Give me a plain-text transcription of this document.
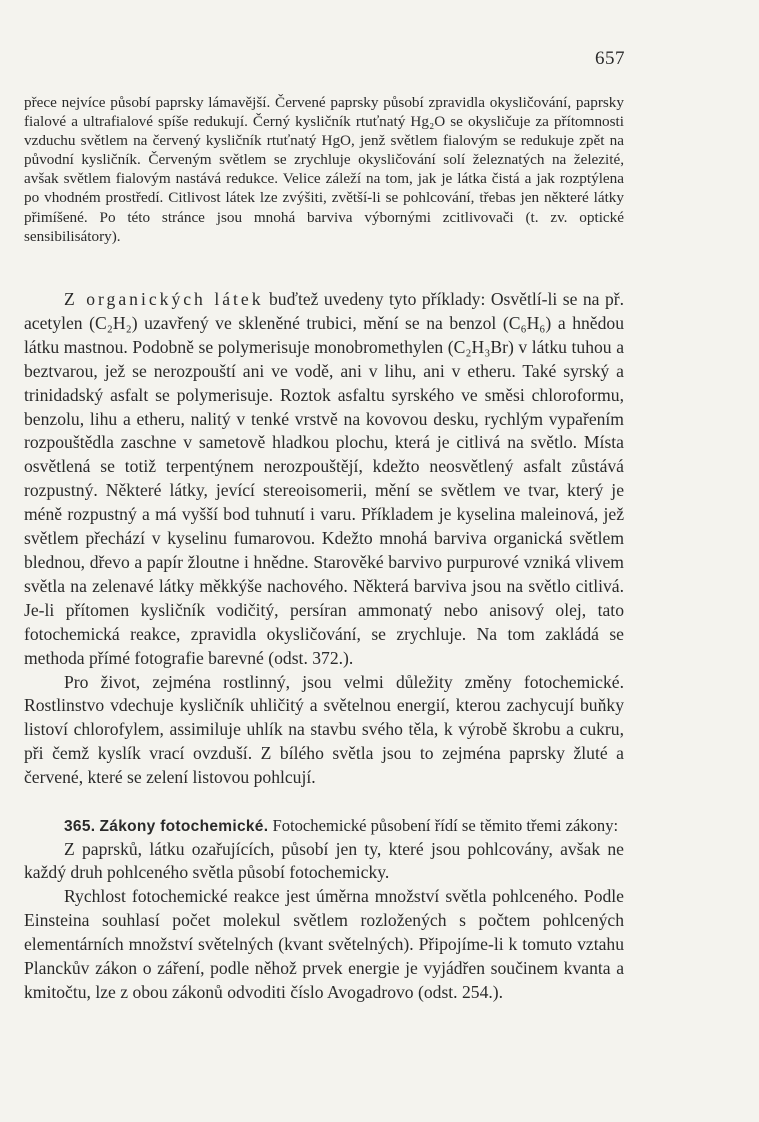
657

přece nejvíce působí paprsky lámavější. Červené paprsky působí zpravidla okysličování, paprsky fialové a ultrafialové spíše redukují. Černý kysličník rtuťnatý Hg₂O se okysličuje za přítomnosti vzduchu světlem na červený kysličník rtuťnatý HgO, jenž světlem fialovým se redukuje zpět na původní kysličník. Červeným světlem se zrychluje okysličování solí železnatých na železité, avšak světlem fialovým nastává redukce. Velice záleží na tom, jak je látka čistá a jak rozptýlena po vhodném prostředí. Citlivost látek lze zvýšiti, zvětší-li se pohlcování, třebas jen některé látky přimíšené. Po této stránce jsou mnohá barviva výbornými zcitlivovači (t. zv. optické sensibilisátory).

Z organických látek buďtež uvedeny tyto příklady: Osvětlí-li se na př. acetylen (C₂H₂) uzavřený ve skleněné trubici, mění se na benzol (C₆H₆) a hnědou látku mastnou. Podobně se polymerisuje monobromethylen (C₂H₃Br) v látku tuhou a beztvarou, jež se nerozpouští ani ve vodě, ani v lihu, ani v etheru. Také syrský a trinidadský asfalt se polymerisuje. Roztok asfaltu syrského ve směsi chloroformu, benzolu, lihu a etheru, nalitý v tenké vrstvě na kovovou desku, rychlým vypařením rozpouštědla zaschne v sametově hladkou plochu, která je citlivá na světlo. Místa osvětlená se totiž terpentýnem nerozpouštějí, kdežto neosvětlený asfalt zůstává rozpustný. Některé látky, jevící stereoisomerii, mění se světlem ve tvar, který je méně rozpustný a má vyšší bod tuhnutí i varu. Příkladem je kyselina maleinová, jež světlem přechází v kyselinu fumarovou. Kdežto mnohá barviva organická světlem blednou, dřevo a papír žloutne i hnědne. Starověké barvivo purpurové vzniká vlivem světla na zelenavé látky měkkýše nachového. Některá barviva jsou na světlo citlivá. Je-li přítomen kysličník vodičitý, persíran ammonatý nebo anisový olej, tato fotochemická reakce, zpravidla okysličování, se zrychluje. Na tom zakládá se methoda přímé fotografie barevné (odst. 372.).

Pro život, zejména rostlinný, jsou velmi důležity změny fotochemické. Rostlinstvo vdechuje kysličník uhličitý a světelnou energií, kterou zachycují buňky listoví chlorofylem, assimiluje uhlík na stavbu svého těla, k výrobě škrobu a cukru, při čemž kyslík vrací ovzduší. Z bílého světla jsou to zejména paprsky žluté a červené, které se zelení listovou pohlcují.

365. Zákony fotochemické. Fotochemické působení řídí se těmito třemi zákony:

Z paprsků, látku ozařujících, působí jen ty, které jsou pohlcovány, avšak ne každý druh pohlceného světla působí fotochemicky.

Rychlost fotochemické reakce jest úměrna množství světla pohlceného. Podle Einsteina souhlasí počet molekul světlem rozložených s počtem pohlcených elementárních množství světelných (kvant světelných). Připojíme-li k tomuto vztahu Planckův zákon o záření, podle něhož prvek energie je vyjádřen součinem kvanta a kmitočtu, lze z obou zákonů odvoditi číslo Avogadrovo (odst. 254.).
